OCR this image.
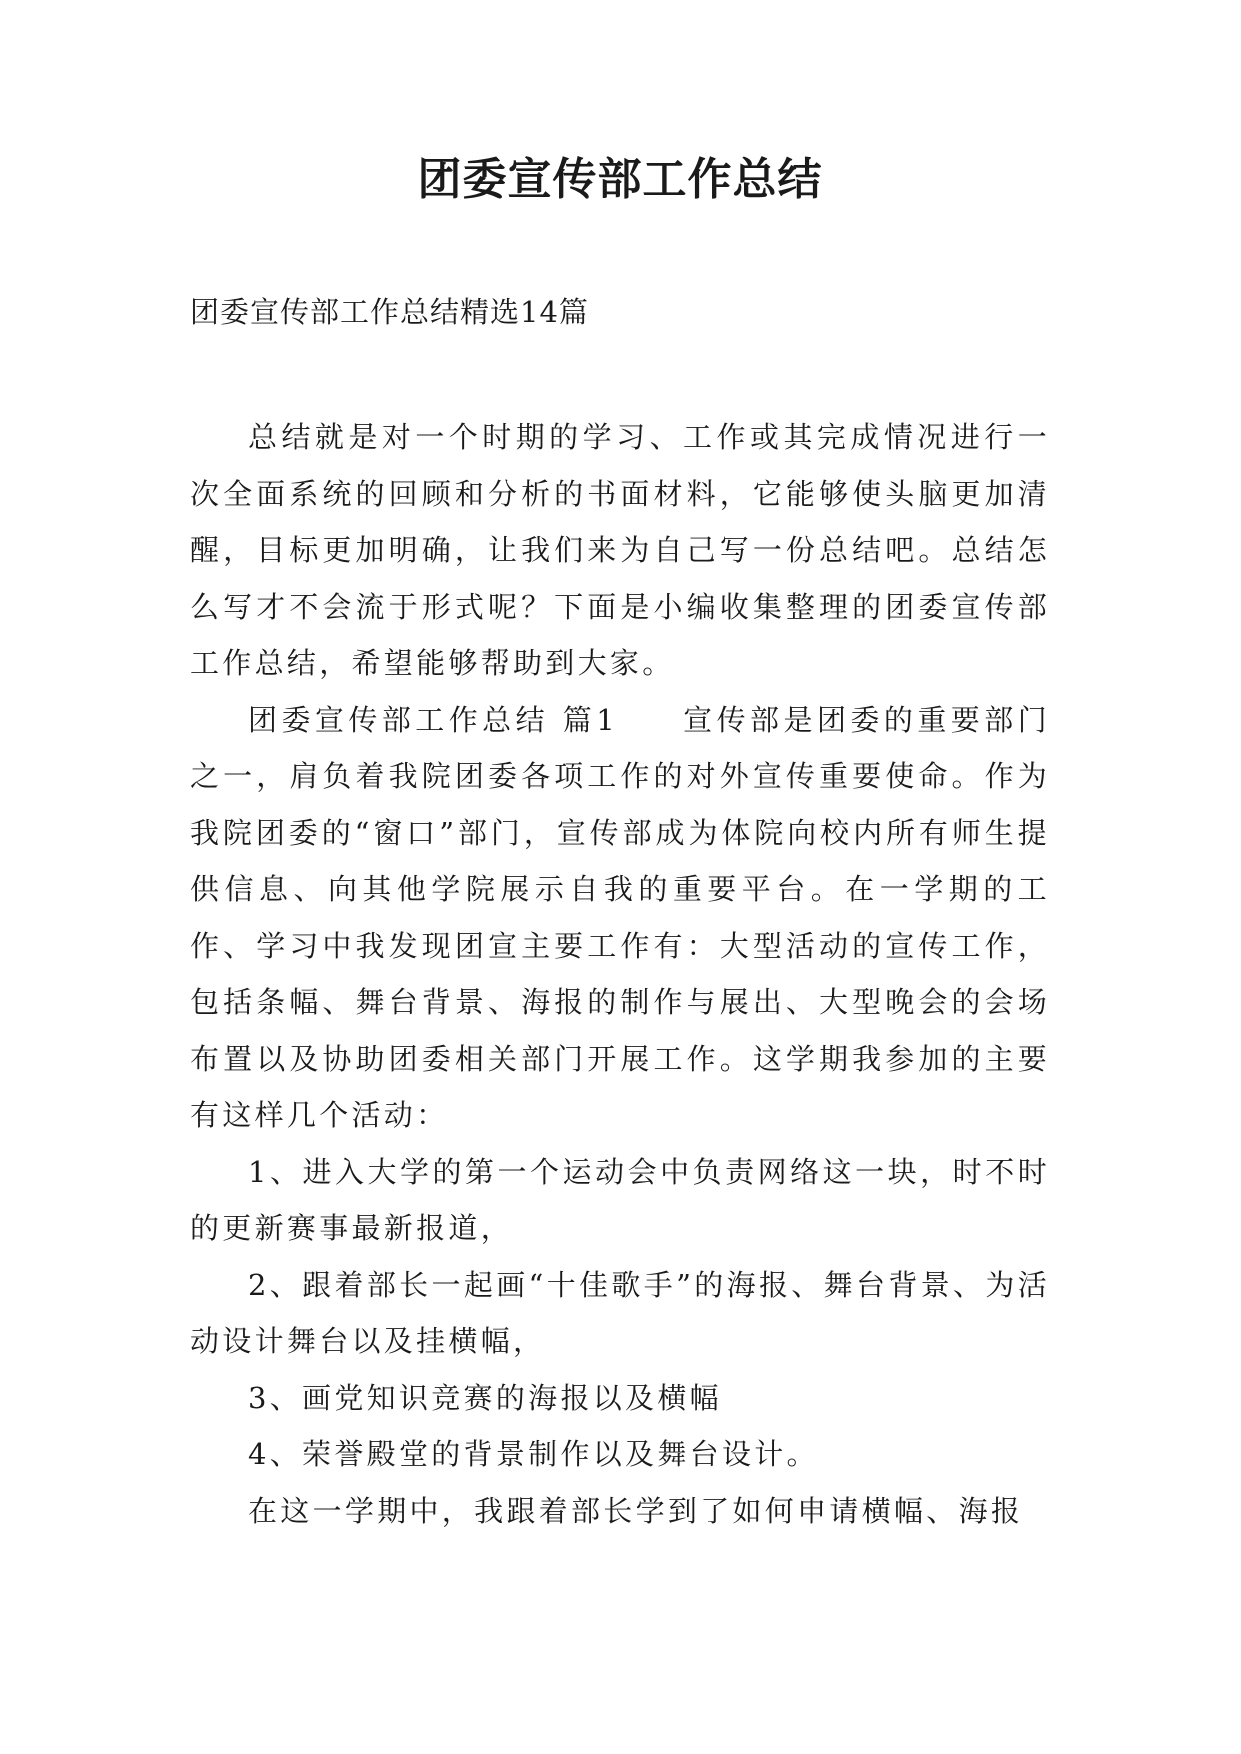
团委宣传部工作总结
团委宣传部工作总结精选14篇

总结就是对一个时期的学习、工作或其完成情况进行一次全面系统的回顾和分析的书面材料，它能够使头脑更加清醒，目标更加明确，让我们来为自己写一份总结吧。总结怎么写才不会流于形式呢？下面是小编收集整理的团委宣传部工作总结，希望能够帮助到大家。

团委宣传部工作总结 篇1 宣传部是团委的重要部门之一，肩负着我院团委各项工作的对外宣传重要使命。作为我院团委的“窗口”部门，宣传部成为体院向校内所有师生提供信息、向其他学院展示自我的重要平台。在一学期的工作、学习中我发现团宣主要工作有：大型活动的宣传工作，包括条幅、舞台背景、海报的制作与展出、大型晚会的会场布置以及协助团委相关部门开展工作。这学期我参加的主要有这样几个活动：

1、进入大学的第一个运动会中负责网络这一块，时不时的更新赛事最新报道，

2、跟着部长一起画“十佳歌手”的海报、舞台背景、为活动设计舞台以及挂横幅，

3、画党知识竞赛的海报以及横幅

4、荣誉殿堂的背景制作以及舞台设计。

在这一学期中，我跟着部长学到了如何申请横幅、海报
